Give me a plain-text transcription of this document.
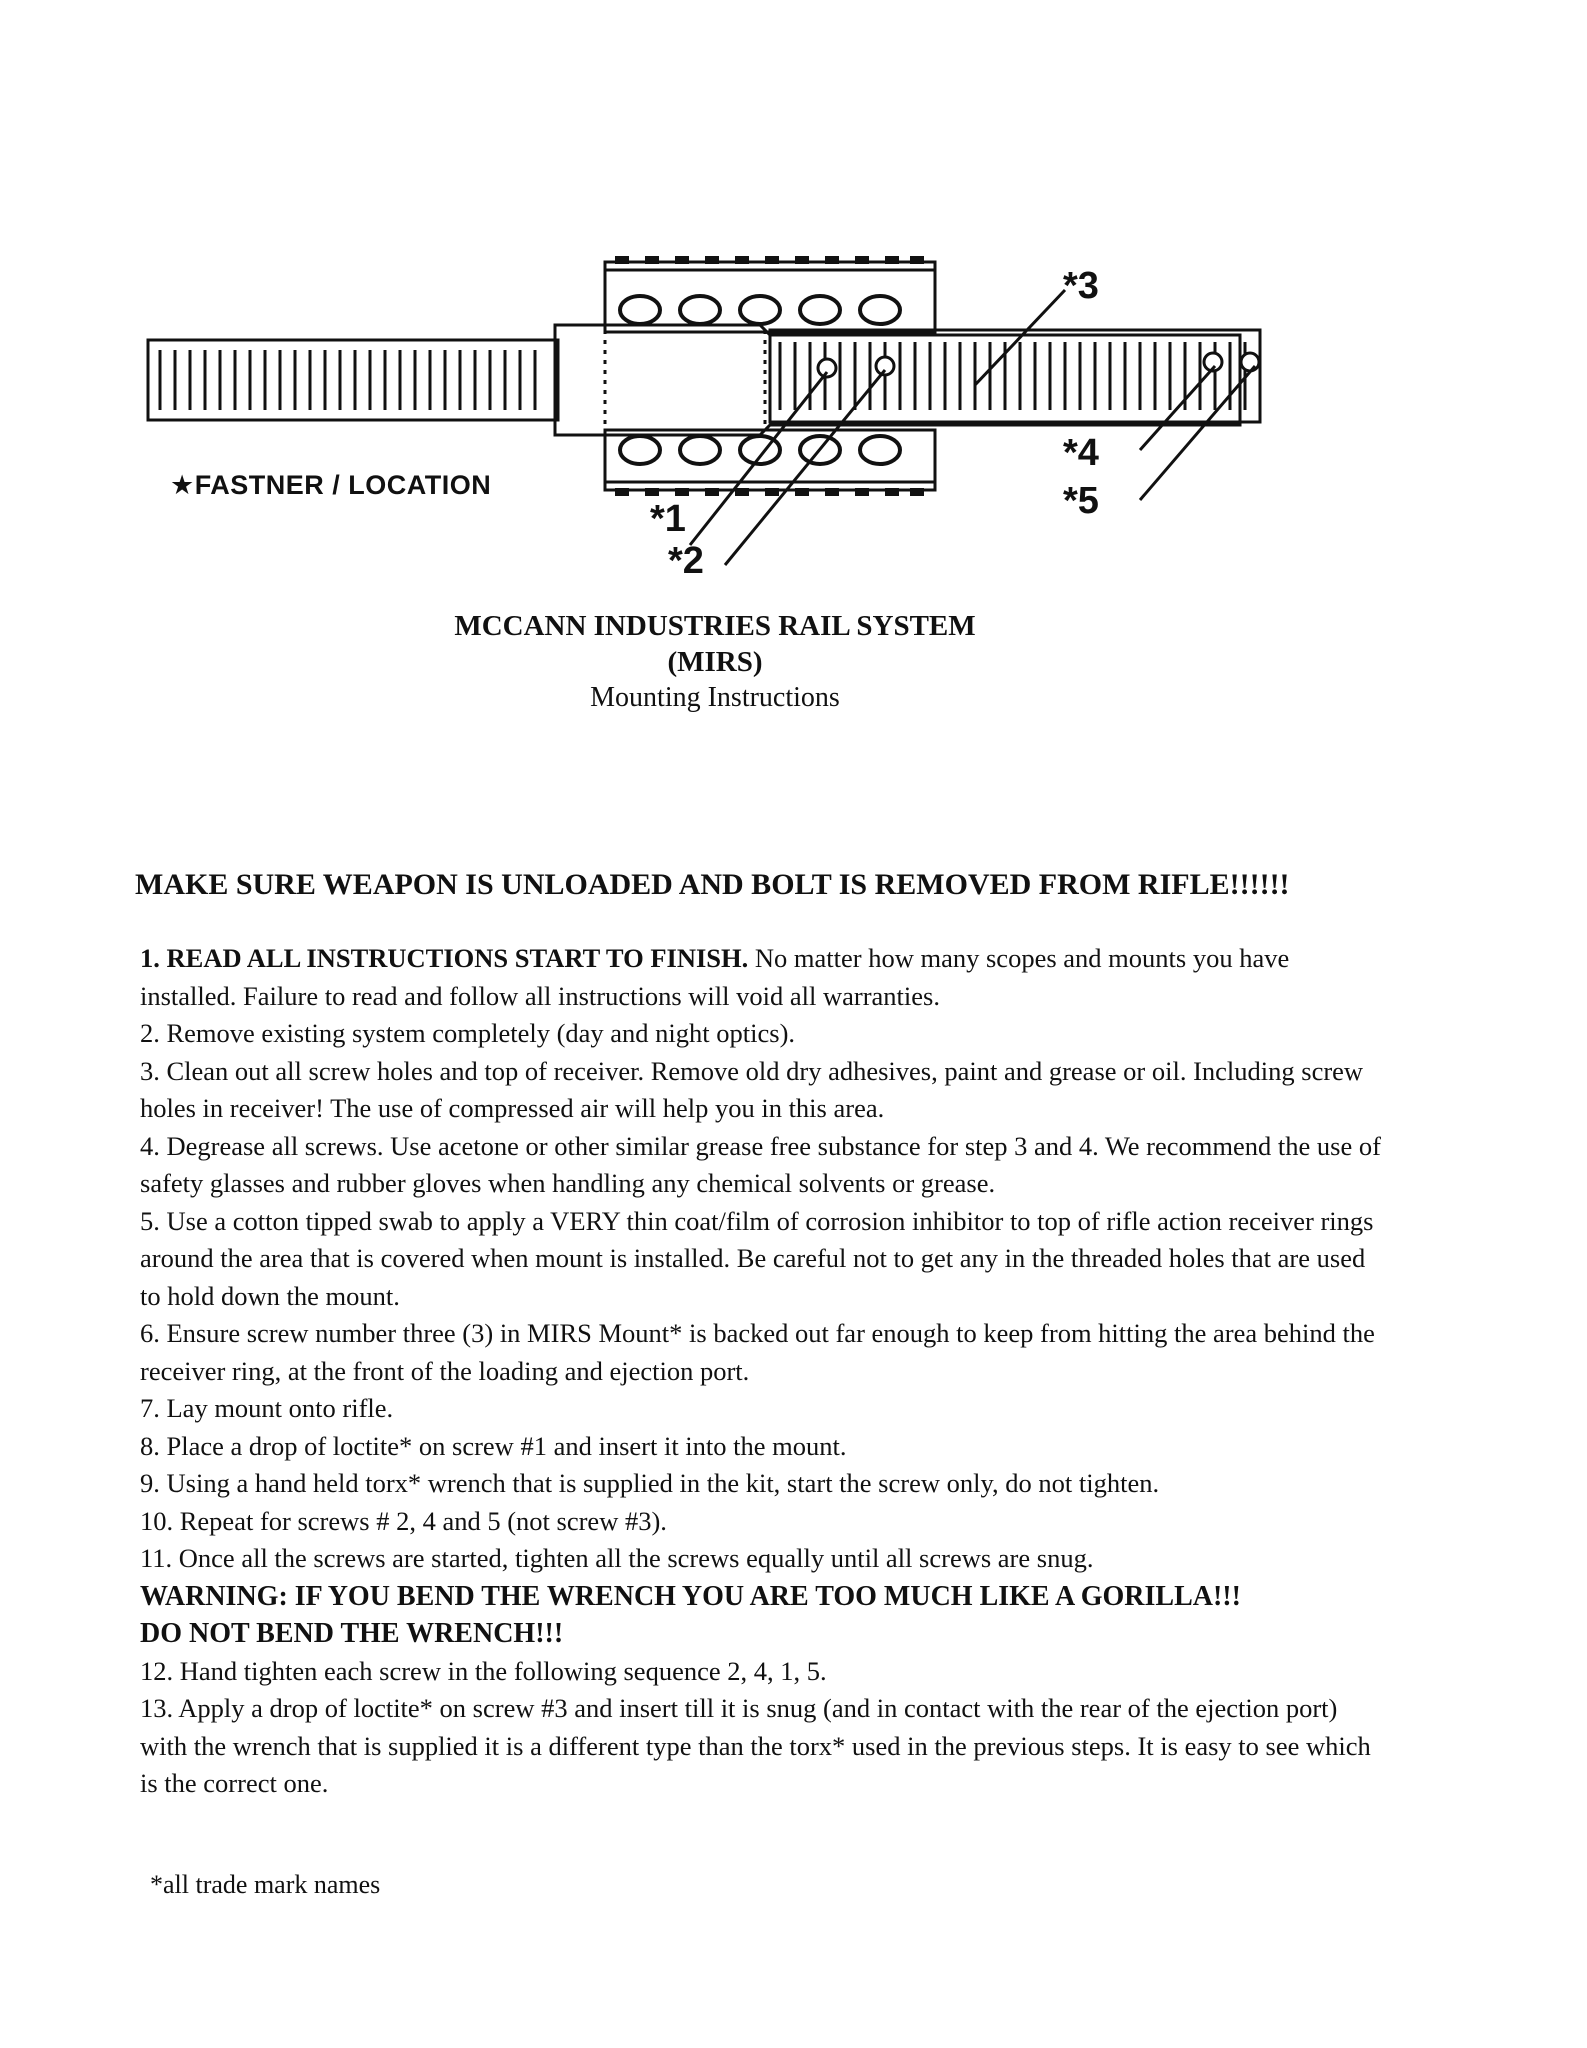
★FASTNER / LOCATION
*1
*2
*3
*4
*5
MCCANN INDUSTRIES RAIL SYSTEM
(MIRS)
Mounting Instructions
MAKE SURE WEAPON IS UNLOADED AND BOLT IS REMOVED FROM RIFLE!!!!!!

1. READ ALL INSTRUCTIONS START TO FINISH. No matter how many scopes and mounts you have installed. Failure to read and follow all instructions will void all warranties.

2. Remove existing system completely (day and night optics).

3. Clean out all screw holes and top of receiver. Remove old dry adhesives, paint and grease or oil. Including screw holes in receiver! The use of compressed air will help you in this area.

4. Degrease all screws. Use acetone or other similar grease free substance for step 3 and 4. We recommend the use of safety glasses and rubber gloves when handling any chemical solvents or grease.

5. Use a cotton tipped swab to apply a VERY thin coat/film of corrosion inhibitor to top of rifle action receiver rings around the area that is covered when mount is installed. Be careful not to get any in the threaded holes that are used to hold down the mount.

6. Ensure screw number three (3) in MIRS Mount* is backed out far enough to keep from hitting the area behind the receiver ring, at the front of the loading and ejection port.

7. Lay mount onto rifle.

8. Place a drop of loctite* on screw #1 and insert it into the mount.

9. Using a hand held torx* wrench that is supplied in the kit, start the screw only, do not tighten.

10. Repeat for screws # 2, 4 and 5 (not screw #3).

11. Once all the screws are started, tighten all the screws equally until all screws are snug.

WARNING: IF YOU BEND THE WRENCH YOU ARE TOO MUCH LIKE A GORILLA!!!

DO NOT BEND THE WRENCH!!!

12. Hand tighten each screw in the following sequence 2, 4, 1, 5.

13. Apply a drop of loctite* on screw #3 and insert till it is snug (and in contact with the rear of the ejection port) with the wrench that is supplied it is a different type than the torx* used in the previous steps. It is easy to see which is the correct one.

*all trade mark names
